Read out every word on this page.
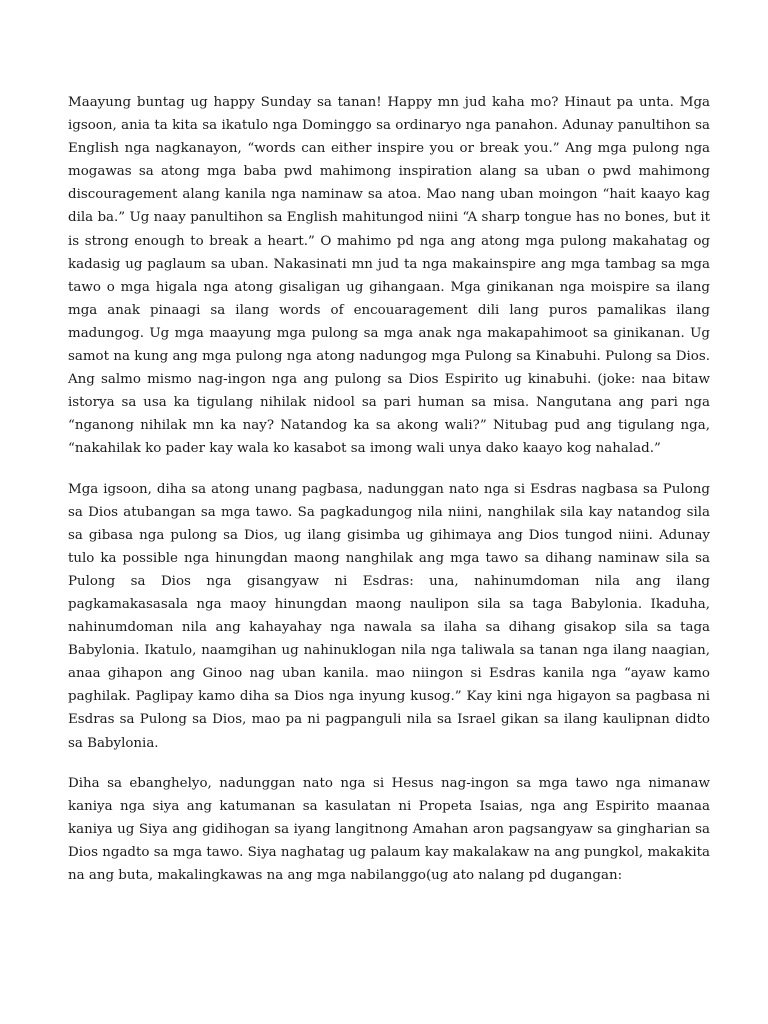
Maayung buntag ug happy Sunday sa tanan! Happy mn jud kaha mo? Hinaut pa unta. Mga igsoon, ania ta kita sa ikatulo nga Dominggo sa ordinaryo nga panahon. Adunay panultihon sa English nga nagkanayon, “words can either inspire you or break you.” Ang mga pulong nga mogawas sa atong mga baba pwd mahimong inspiration alang sa uban o pwd mahimong discouragement alang kanila nga naminaw sa atoa. Mao nang uban moingon “hait kaayo kag dila ba.” Ug naay panultihon sa English mahitungod niini “A sharp tongue has no bones, but it is strong enough to break a heart.” O mahimo pd nga ang atong mga pulong makahatag og kadasig ug paglaum sa uban. Nakasinati mn jud ta nga makainspire ang mga tambag sa mga tawo o mga higala nga atong gisaligan ug gihangaan. Mga ginikanan nga moispire sa ilang mga anak pinaagi sa ilang words of encouaragement dili lang puros pamalikas ilang madungog. Ug mga maayung mga pulong sa mga anak nga makapahimoot sa ginikanan. Ug samot na kung ang mga pulong nga atong nadungog mga Pulong sa Kinabuhi. Pulong sa Dios. Ang salmo mismo nag-ingon nga ang pulong sa Dios Espirito ug kinabuhi. (joke: naa bitaw istorya sa usa ka tigulang nihilak nidool sa pari human sa misa. Nangutana ang pari nga “nganong nihilak mn ka nay? Natandog ka sa akong wali?” Nitubag pud ang tigulang nga, “nakahilak ko pader kay wala ko kasabot sa imong wali unya dako kaayo kog nahalad.”

Mga igsoon, diha sa atong unang pagbasa, nadunggan nato nga si Esdras nagbasa sa Pulong sa Dios atubangan sa mga tawo. Sa pagkadungog nila niini, nanghilak sila kay natandog sila sa gibasa nga pulong sa Dios, ug ilang gisimba ug gihimaya ang Dios tungod niini. Adunay tulo ka possible nga hinungdan maong nanghilak ang mga tawo sa dihang naminaw sila sa Pulong sa Dios nga gisangyaw ni Esdras: una, nahinumdoman nila ang ilang pagkamakasasala nga maoy hinungdan maong naulipon sila sa taga Babylonia. Ikaduha, nahinumdoman nila ang kahayahay nga nawala sa ilaha sa dihang gisakop sila sa taga Babylonia. Ikatulo, naamgihan ug nahinuklogan nila nga taliwala sa tanan nga ilang naagian, anaa gihapon ang Ginoo nag uban kanila. mao niingon si Esdras kanila nga “ayaw kamo paghilak. Paglipay kamo diha sa Dios nga inyung kusog.” Kay kini nga higayon sa pagbasa ni Esdras sa Pulong sa Dios, mao pa ni pagpanguli nila sa Israel gikan sa ilang kaulipnan didto sa Babylonia.

Diha sa ebanghelyo, nadunggan nato nga si Hesus nag-ingon sa mga tawo nga nimanaw kaniya nga siya ang katumanan sa kasulatan ni Propeta Isaias, nga ang Espirito maanaa kaniya ug Siya ang gidihogan sa iyang langitnong Amahan aron pagsangyaw sa gingharian sa Dios ngadto sa mga tawo. Siya naghatag ug palaum kay makalakaw na ang pungkol, makakita na ang buta, makalingkawas na ang mga nabilanggo(ug ato nalang pd dugangan:
